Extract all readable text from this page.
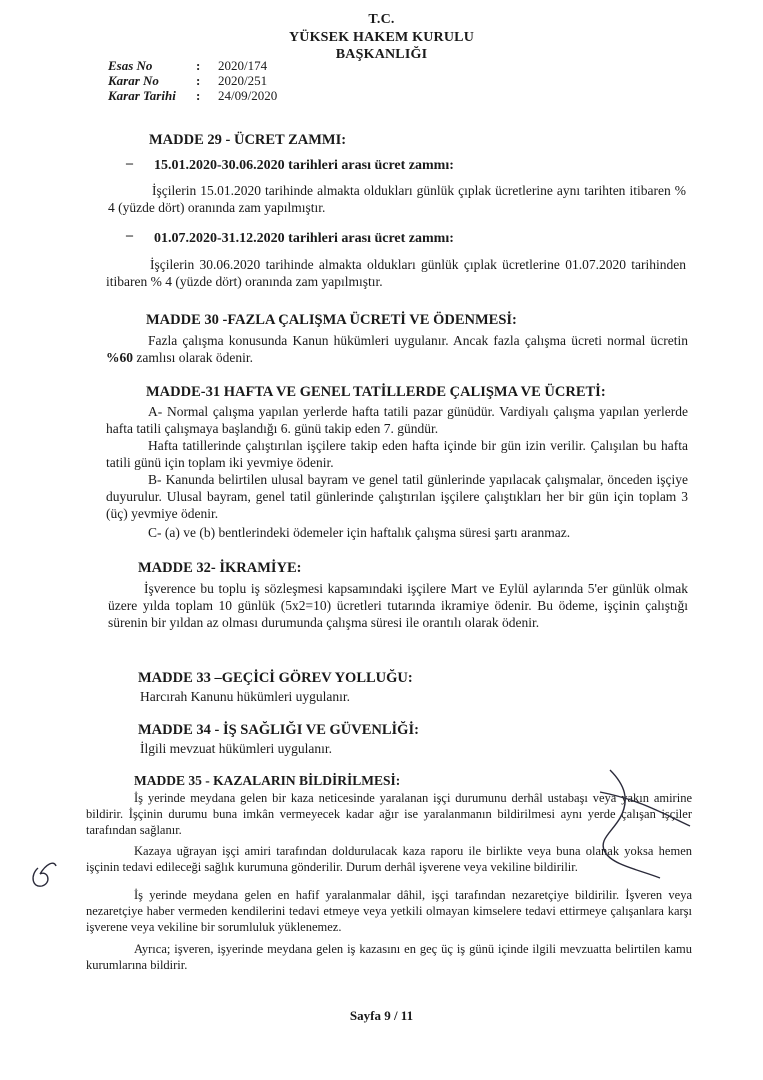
T.C.
YÜKSEK HAKEM KURULU
BAŞKANLIĞI
Esas No	:	2020/174
Karar No	:	2020/251
Karar Tarihi	:	24/09/2020
MADDE 29 - ÜCRET ZAMMI:
– 15.01.2020-30.06.2020 tarihleri arası ücret zammı:
İşçilerin 15.01.2020 tarihinde almakta oldukları günlük çıplak ücretlerine aynı tarihten itibaren % 4 (yüzde dört) oranında zam yapılmıştır.
– 01.07.2020-31.12.2020 tarihleri arası ücret zammı:
İşçilerin 30.06.2020 tarihinde almakta oldukları günlük çıplak ücretlerine 01.07.2020 tarihinden itibaren % 4 (yüzde dört) oranında zam yapılmıştır.
MADDE 30 -FAZLA ÇALIŞMA ÜCRETİ VE ÖDENMESİ:
Fazla çalışma konusunda Kanun hükümleri uygulanır. Ancak fazla çalışma ücreti normal ücretin %60 zamlısı olarak ödenir.
MADDE-31 HAFTA VE GENEL TATİLLERDE ÇALIŞMA VE ÜCRETİ:
A- Normal çalışma yapılan yerlerde hafta tatili pazar günüdür. Vardiyalı çalışma yapılan yerlerde hafta tatili çalışmaya başlandığı 6. günü takip eden 7. gündür.
Hafta tatillerinde çalıştırılan işçilere takip eden hafta içinde bir gün izin verilir. Çalışılan bu hafta tatili günü için toplam iki yevmiye ödenir.
B- Kanunda belirtilen ulusal bayram ve genel tatil günlerinde yapılacak çalışmalar, önceden işçiye duyurulur. Ulusal bayram, genel tatil günlerinde çalıştırılan işçilere çalıştıkları her bir gün için toplam 3 (üç) yevmiye ödenir.
C- (a) ve (b) bentlerindeki ödemeler için haftalık çalışma süresi şartı aranmaz.
MADDE 32- İKRAMİYE:
İşverence bu toplu iş sözleşmesi kapsamındaki işçilere Mart ve Eylül aylarında 5'er günlük olmak üzere yılda toplam 10 günlük (5x2=10) ücretleri tutarında ikramiye ödenir. Bu ödeme, işçinin çalıştığı sürenin bir yıldan az olması durumunda çalışma süresi ile orantılı olarak ödenir.
MADDE 33 –GEÇİCİ GÖREV YOLLUĞU:
Harcırah Kanunu hükümleri uygulanır.
MADDE 34 - İŞ SAĞLIĞI VE GÜVENLİĞİ:
İlgili mevzuat hükümleri uygulanır.
MADDE 35 - KAZALARIN BİLDİRİLMESİ:
İş yerinde meydana gelen bir kaza neticesinde yaralanan işçi durumunu derhâl ustabaşı veya yakın amirine bildirir. İşçinin durumu buna imkân vermeyecek kadar ağır ise yaralanmanın bildirilmesi aynı yerde çalışan işçiler tarafından sağlanır.
Kazaya uğrayan işçi amiri tarafından doldurulacak kaza raporu ile birlikte veya buna olanak yoksa hemen işçinin tedavi edileceği sağlık kurumuna gönderilir. Durum derhâl işverene veya vekiline bildirilir.
İş yerinde meydana gelen en hafif yaralanmalar dâhil, işçi tarafından nezaretçiye bildirilir. İşveren veya nezaretçiye haber vermeden kendilerini tedavi etmeye veya yetkili olmayan kimselere tedavi ettirmeye çalışanlara karşı işverene veya vekiline bir sorumluluk yüklenemez.
Ayrıca; işveren, işyerinde meydana gelen iş kazasını en geç üç iş günü içinde ilgili mevzuatta belirtilen kamu kurumlarına bildirir.
Sayfa 9 / 11
